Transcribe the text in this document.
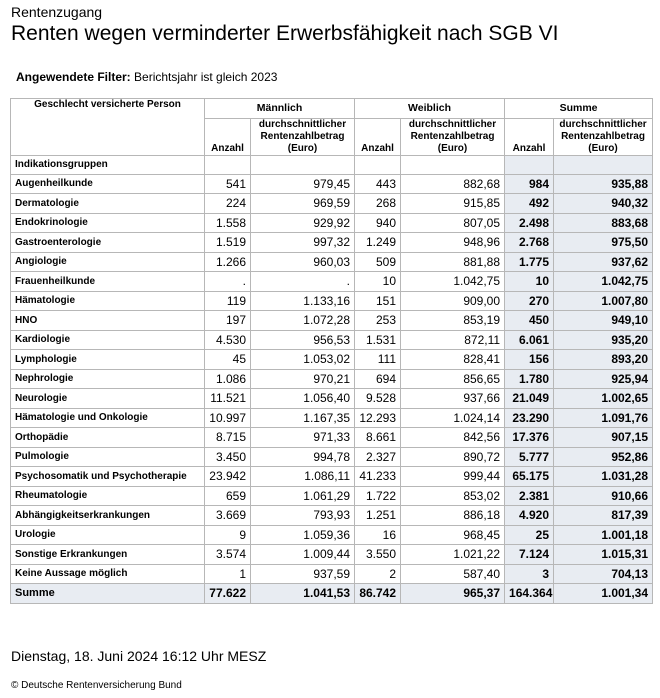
Rentenzugang
Renten wegen verminderter Erwerbsfähigkeit nach SGB VI
Angewendete Filter: Berichtsjahr ist gleich 2023
Geschlecht versicherte Person	Männlich		Weiblich		Summe	
	Anzahl	durchschnittlicher Rentenzahlbetrag (Euro)	Anzahl	durchschnittlicher Rentenzahlbetrag (Euro)	Anzahl	durchschnittlicher Rentenzahlbetrag (Euro)
Indikationsgruppen						
Augenheilkunde	541	979,45	443	882,68	984	935,88
Dermatologie	224	969,59	268	915,85	492	940,32
Endokrinologie	1.558	929,92	940	807,05	2.498	883,68
Gastroenterologie	1.519	997,32	1.249	948,96	2.768	975,50
Angiologie	1.266	960,03	509	881,88	1.775	937,62
Frauenheilkunde	.	.	10	1.042,75	10	1.042,75
Hämatologie	119	1.133,16	151	909,00	270	1.007,80
HNO	197	1.072,28	253	853,19	450	949,10
Kardiologie	4.530	956,53	1.531	872,11	6.061	935,20
Lymphologie	45	1.053,02	111	828,41	156	893,20
Nephrologie	1.086	970,21	694	856,65	1.780	925,94
Neurologie	11.521	1.056,40	9.528	937,66	21.049	1.002,65
Hämatologie und Onkologie	10.997	1.167,35	12.293	1.024,14	23.290	1.091,76
Orthopädie	8.715	971,33	8.661	842,56	17.376	907,15
Pulmologie	3.450	994,78	2.327	890,72	5.777	952,86
Psychosomatik und Psychotherapie	23.942	1.086,11	41.233	999,44	65.175	1.031,28
Rheumatologie	659	1.061,29	1.722	853,02	2.381	910,66
Abhängigkeitserkrankungen	3.669	793,93	1.251	886,18	4.920	817,39
Urologie	9	1.059,36	16	968,45	25	1.001,18
Sonstige Erkrankungen	3.574	1.009,44	3.550	1.021,22	7.124	1.015,31
Keine Aussage möglich	1	937,59	2	587,40	3	704,13
Summe	77.622	1.041,53	86.742	965,37	164.364	1.001,34
Dienstag, 18. Juni 2024 16:12 Uhr MESZ
© Deutsche Rentenversicherung Bund
